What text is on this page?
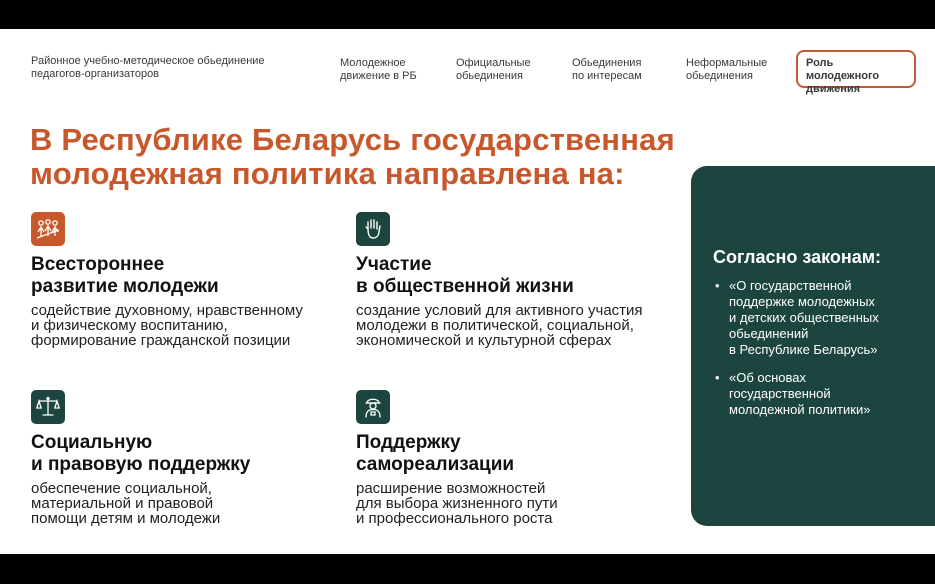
Районное учебно-методическое обьединение
педагогов-организаторов
Молодежное
движение в РБ
Официальные
обьединения
Обьединения
по интересам
Неформальные
обьединения
Роль молодежного
движения
В Республике Беларусь государственная
молодежная политика направлена на:
Всестороннее
развитие молодежи
содействие духовному, нравственному
и физическому воспитанию,
формирование гражданской позиции
Участие
в общественной жизни
создание условий для активного участия
молодежи в политической, социальной,
экономической и культурной сферах
Социальную
и правовую поддержку
обеспечение социальной,
материальной и правовой
помощи детям и молодежи
Поддержку
самореализации
расширение возможностей
для выбора жизненного пути
и профессионального роста
Согласно законам:
• «О государственной
поддержке молодежных
и детских общественных
обьединений
в Республике Беларусь»
• «Об основах
государственной
молодежной политики»
